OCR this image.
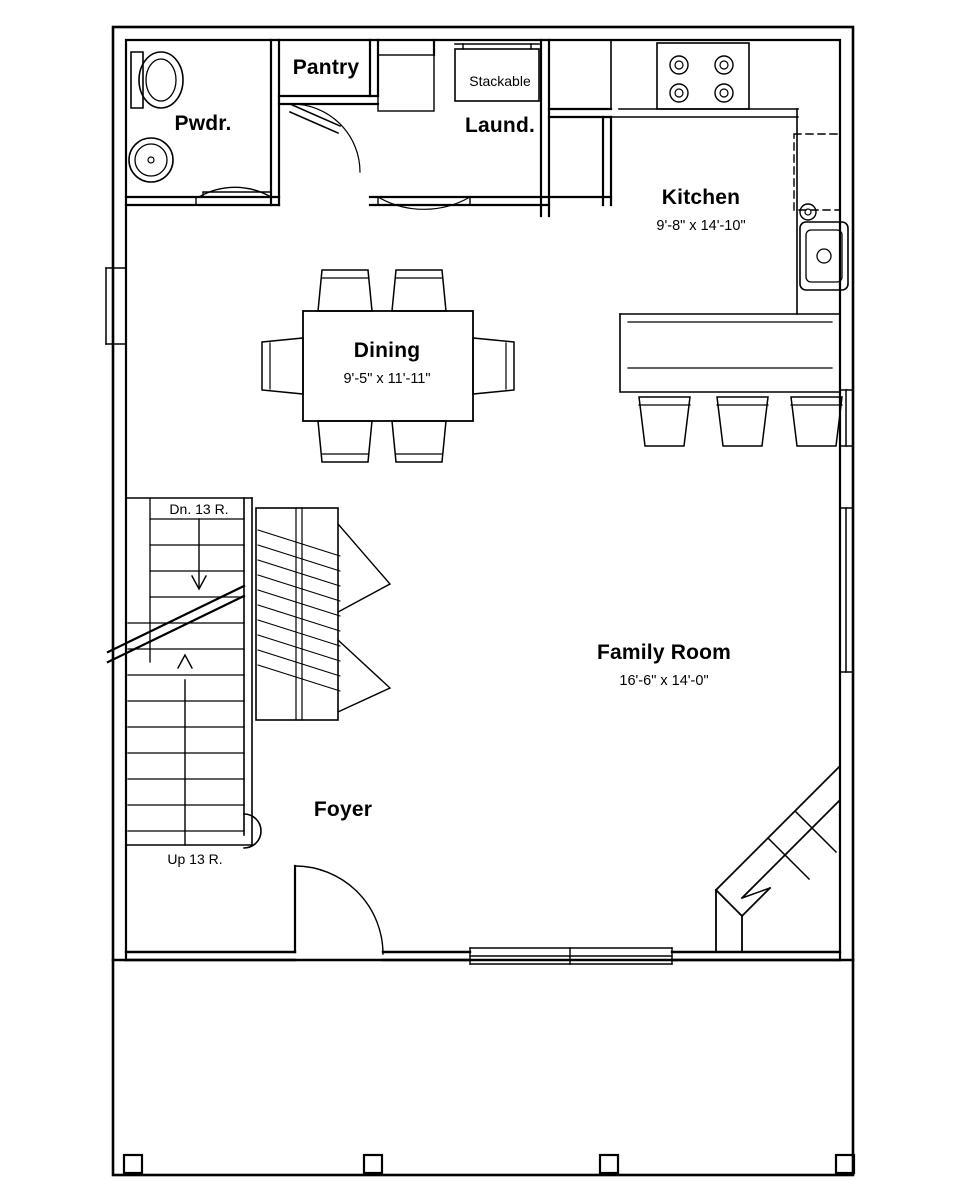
Pwdr.
Pantry
Laund.
Kitchen
9'-8" x 14'-10"
Dining
9'-5" x 11'-11"
Family Room
16'-6" x 14'-0"
Foyer
Stackable
Dn. 13 R.
Up 13 R.
